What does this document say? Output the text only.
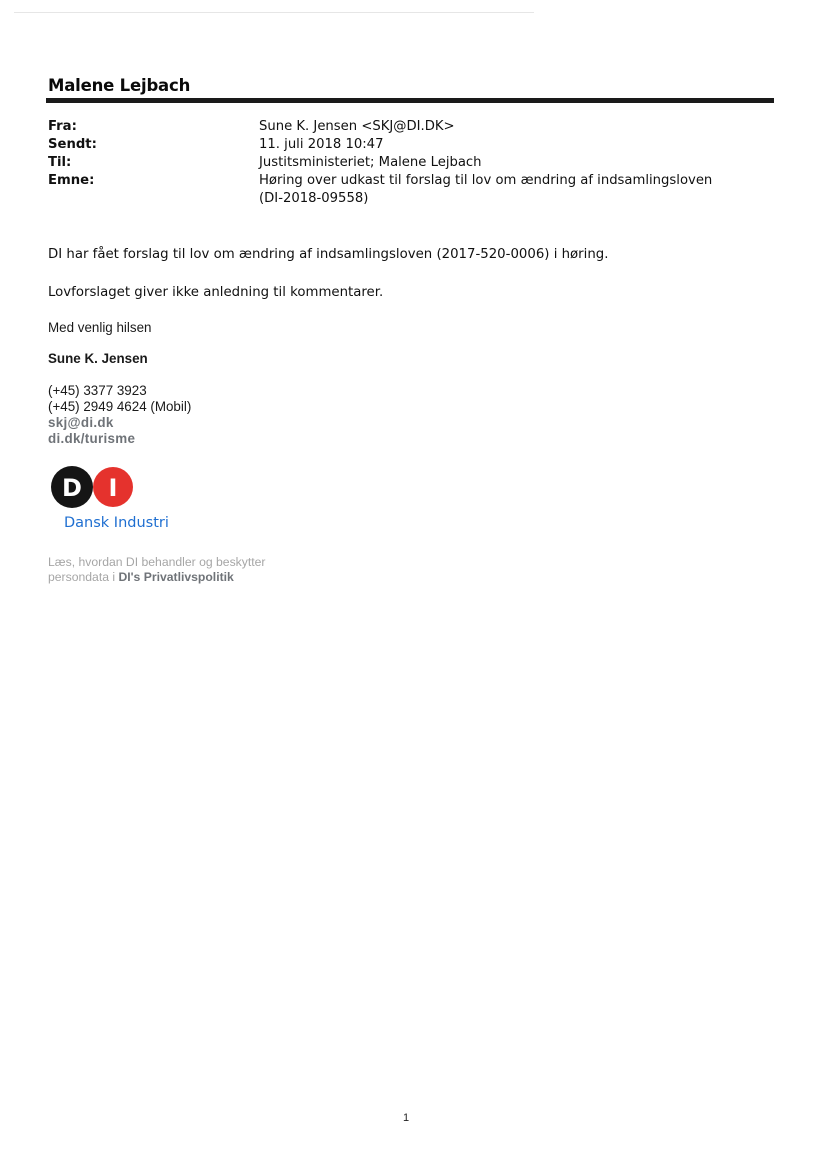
Malene Lejbach
Fra:	Sune K. Jensen <SKJ@DI.DK>
Sendt:	11. juli 2018 10:47
Til:	Justitsministeriet; Malene Lejbach
Emne:	Høring over udkast til forslag til lov om ændring af indsamlingsloven
(DI-2018-09558)
DI har fået forslag til lov om ændring af indsamlingsloven (2017-520-0006) i høring.
Lovforslaget giver ikke anledning til kommentarer.
Med venlig hilsen
Sune K. Jensen
(+45) 3377 3923
(+45) 2949 4624 (Mobil)
skj@di.dk
di.dk/turisme
D I
Dansk Industri
Læs, hvordan DI behandler og beskytter
persondata i DI's Privatlivspolitik
1
